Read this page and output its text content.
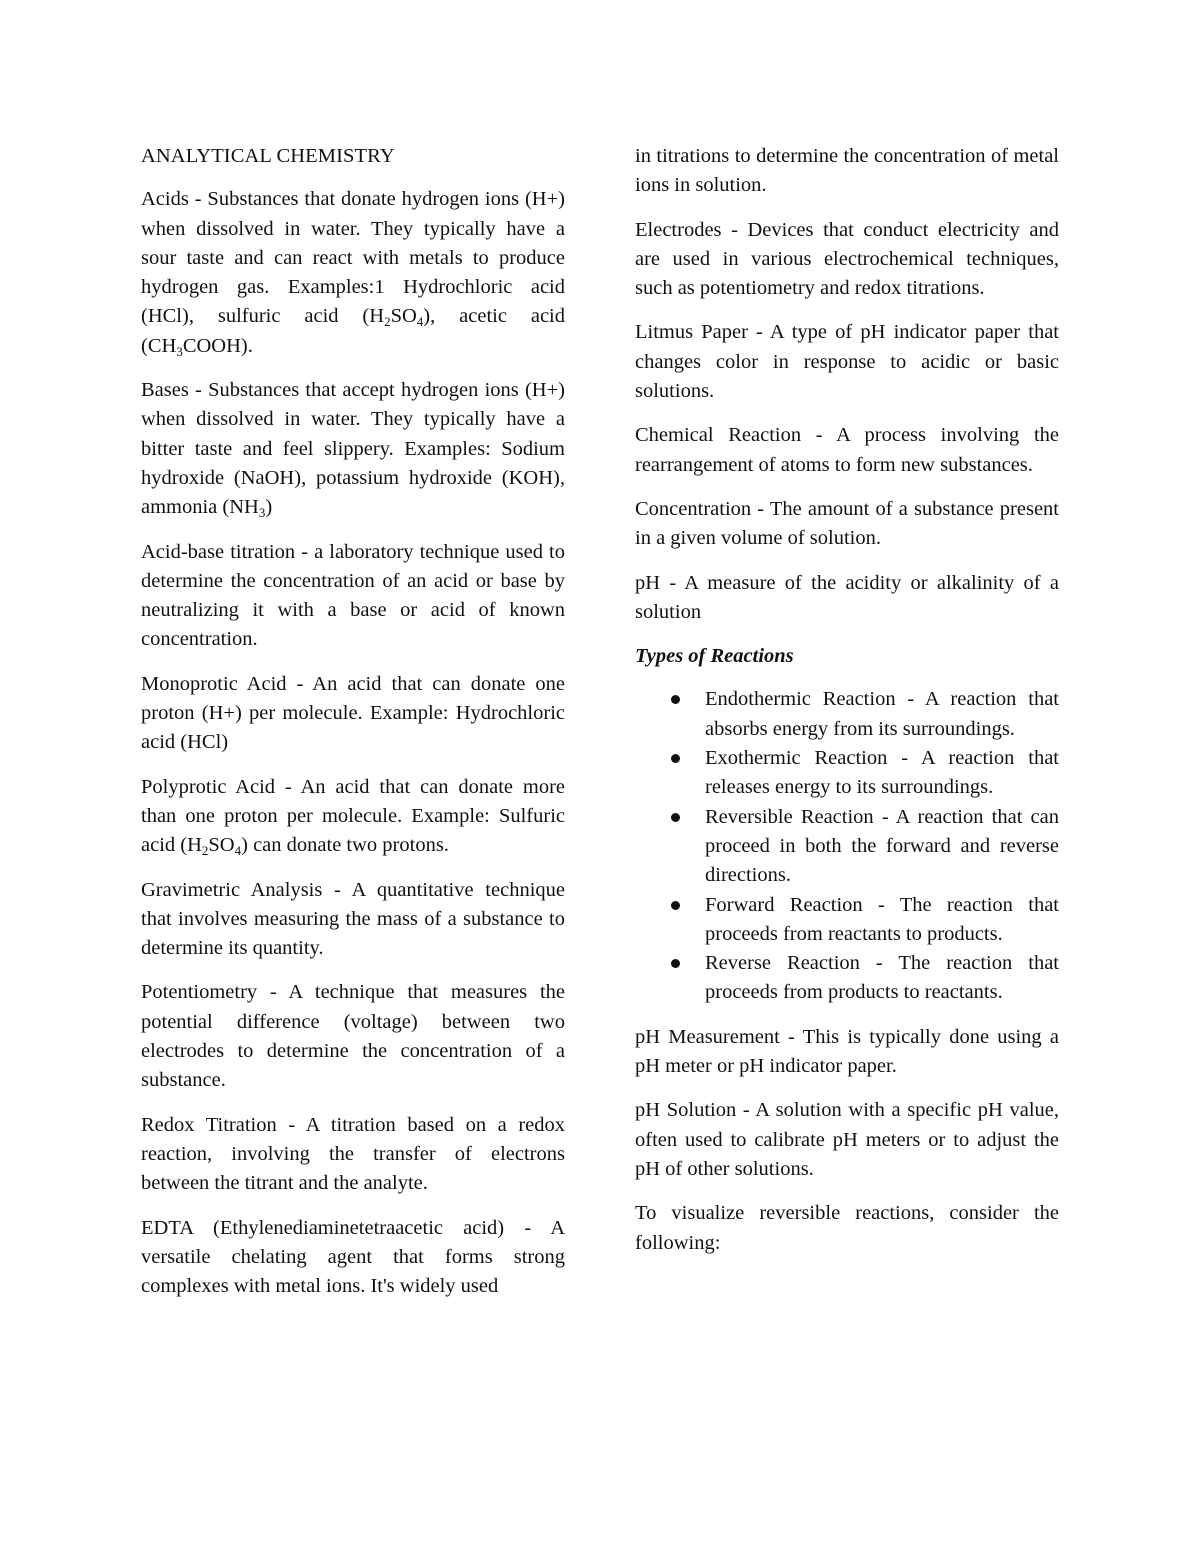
ANALYTICAL CHEMISTRY

Acids - Substances that donate hydrogen ions (H+) when dissolved in water. They typically have a sour taste and can react with metals to produce hydrogen gas. Examples:1 Hydrochloric acid (HCl), sulfuric acid $(H_2SO_4)$, acetic acid $(CH_3COOH)$.

Bases - Substances that accept hydrogen ions (H+) when dissolved in water. They typically have a bitter taste and feel slippery. Examples: Sodium hydroxide (NaOH), potassium hydroxide (KOH), ammonia $(NH_3)$

Acid-base titration - a laboratory technique used to determine the concentration of an acid or base by neutralizing it with a base or acid of known concentration.

Monoprotic Acid - An acid that can donate one proton (H+) per molecule. Example: Hydrochloric acid (HCl)

Polyprotic Acid - An acid that can donate more than one proton per molecule. Example: Sulfuric acid $(H_2SO_4)$ can donate two protons.

Gravimetric Analysis - A quantitative technique that involves measuring the mass of a substance to determine its quantity.

Potentiometry - A technique that measures the potential difference (voltage) between two electrodes to determine the concentration of a substance.

Redox Titration - A titration based on a redox reaction, involving the transfer of electrons between the titrant and the analyte.

EDTA (Ethylenediaminetetraacetic acid) - A versatile chelating agent that forms strong complexes with metal ions. It's widely used

in titrations to determine the concentration of metal ions in solution.

Electrodes - Devices that conduct electricity and are used in various electrochemical techniques, such as potentiometry and redox titrations.

Litmus Paper - A type of pH indicator paper that changes color in response to acidic or basic solutions.

Chemical Reaction - A process involving the rearrangement of atoms to form new substances.

Concentration - The amount of a substance present in a given volume of solution.

pH - A measure of the acidity or alkalinity of a solution

Types of Reactions

Endothermic Reaction - A reaction that absorbs energy from its surroundings.
Exothermic Reaction - A reaction that releases energy to its surroundings.
Reversible Reaction - A reaction that can proceed in both the forward and reverse directions.
Forward Reaction - The reaction that proceeds from reactants to products.
Reverse Reaction - The reaction that proceeds from products to reactants.

pH Measurement - This is typically done using a pH meter or pH indicator paper.

pH Solution - A solution with a specific pH value, often used to calibrate pH meters or to adjust the pH of other solutions.

To visualize reversible reactions, consider the following:
